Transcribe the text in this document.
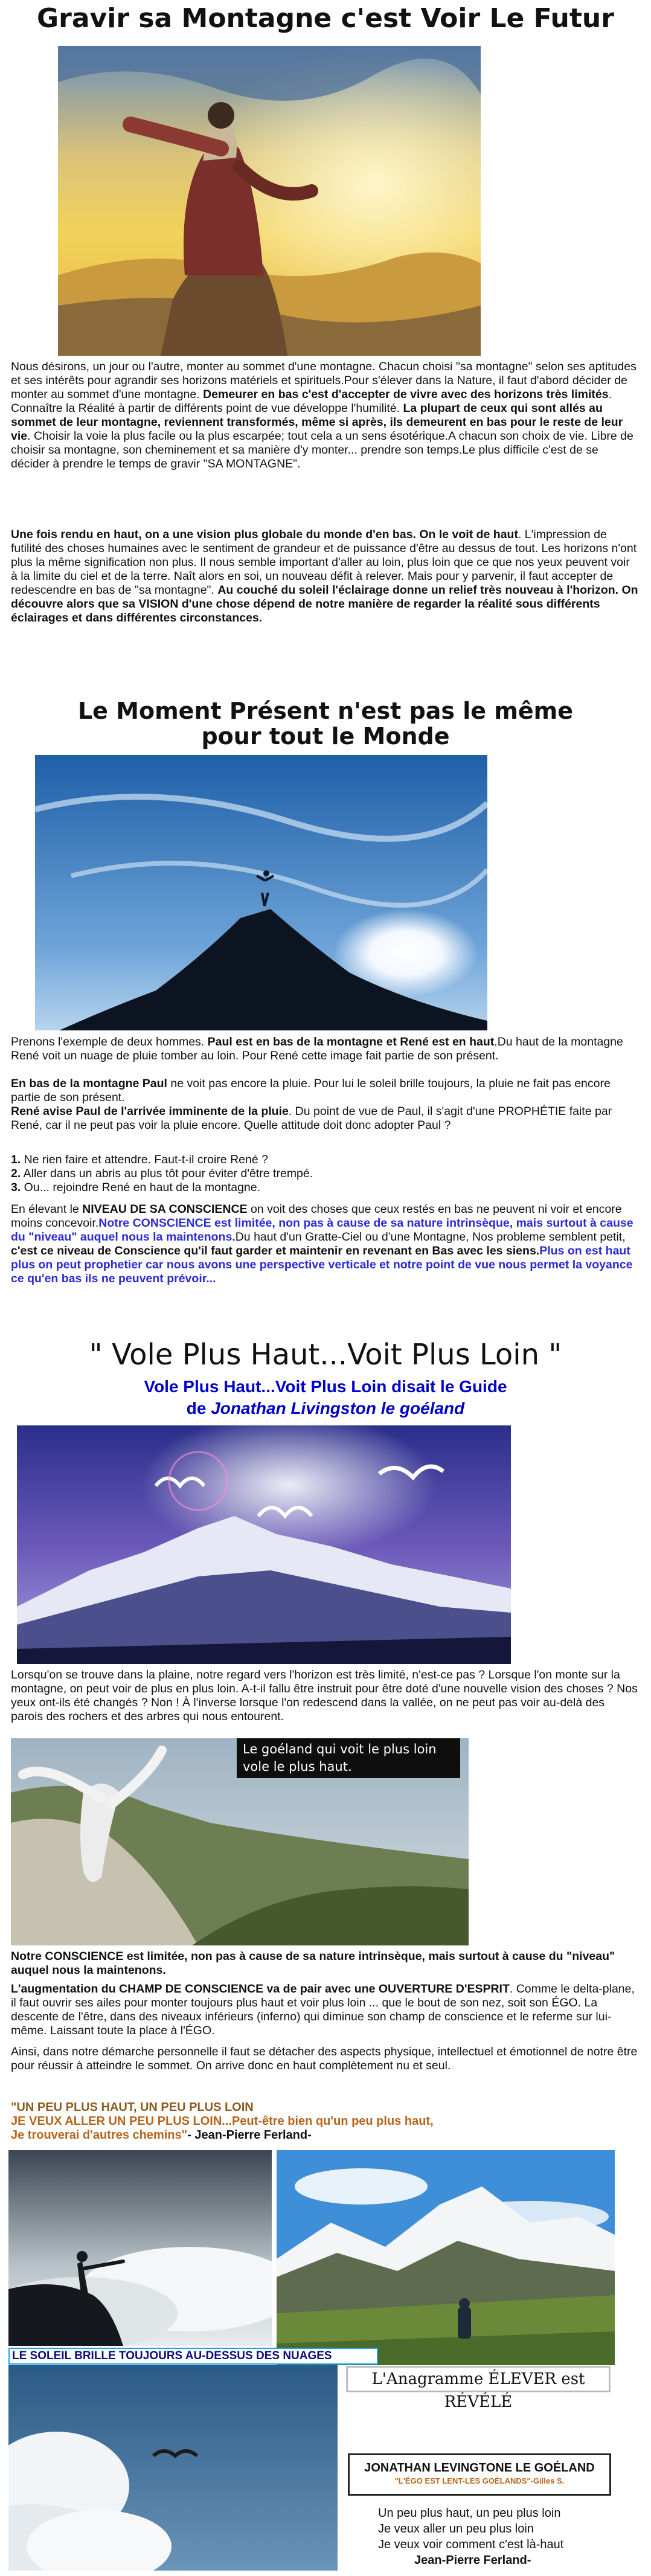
Gravir sa Montagne c'est Voir Le Futur

Nous désirons, un jour ou l'autre, monter au sommet d'une montagne. Chacun choisi "sa montagne" selon ses aptitudes et ses intérêts pour agrandir ses horizons matériels et spirituels.Pour s'élever dans la Nature, il faut d'abord décider de monter au sommet d'une montagne. Demeurer en bas c'est d'accepter de vivre avec des horizons très limités. Connaître la Réalité à partir de différents point de vue développe l'humilité. La plupart de ceux qui sont allés au sommet de leur montagne, reviennent transformés, même si après, ils demeurent en bas pour le reste de leur vie. Choisir la voie la plus facile ou la plus escarpée; tout cela a un sens ésotérique.A chacun son choix de vie. Libre de choisir sa montagne, son cheminement et sa manière d'y monter... prendre son temps.Le plus difficile c'est de se décider à prendre le temps de gravir "SA MONTAGNE".

Une fois rendu en haut, on a une vision plus globale du monde d'en bas. On le voit de haut. L'impression de futilité des choses humaines avec le sentiment de grandeur et de puissance d'être au dessus de tout. Les horizons n'ont plus la même signification non plus. Il nous semble important d'aller au loin, plus loin que ce que nos yeux peuvent voir à la limite du ciel et de la terre. Naît alors en soi, un nouveau défit à relever. Mais pour y parvenir, il faut accepter de redescendre en bas de "sa montagne". Au couché du soleil l'éclairage donne un relief très nouveau à l'horizon. On découvre alors que sa VISION d'une chose dépend de notre manière de regarder la réalité sous différents éclairages et dans différentes circonstances.

Le Moment Présent n'est pas le même
pour tout le Monde

Prenons l'exemple de deux hommes. Paul est en bas de la montagne et René est en haut.Du haut de la montagne René voit un nuage de pluie tomber au loin. Pour René cette image fait partie de son présent.

En bas de la montagne Paul ne voit pas encore la pluie. Pour lui le soleil brille toujours, la pluie ne fait pas encore partie de son présent.

René avise Paul de l'arrivée imminente de la pluie. Du point de vue de Paul, il s'agit d'une PROPHÉTIE faite par René, car il ne peut pas voir la pluie encore. Quelle attitude doit donc adopter Paul ?

1. Ne rien faire et attendre. Faut-t-il croire René ?
2. Aller dans un abris au plus tôt pour éviter d'être trempé.
3. Ou... rejoindre René en haut de la montagne.

En élevant le NIVEAU DE SA CONSCIENCE on voit des choses que ceux restés en bas ne peuvent ni voir et encore moins concevoir.Notre CONSCIENCE est limitée, non pas à cause de sa nature intrinsèque, mais surtout à cause du "niveau" auquel nous la maintenons.Du haut d'un Gratte-Ciel ou d'une Montagne, Nos probleme semblent petit, c'est ce niveau de Conscience qu'il faut garder et maintenir en revenant en Bas avec les siens.Plus on est haut plus on peut prophetier car nous avons une perspective verticale et notre point de vue nous permet la voyance ce qu'en bas ils ne peuvent prévoir...

" Vole Plus Haut...Voit Plus Loin "
Vole Plus Haut...Voit Plus Loin disait le Guide
de Jonathan Livingston le goéland

Lorsqu'on se trouve dans la plaine, notre regard vers l'horizon est très limité, n'est-ce pas ? Lorsque l'on monte sur la montagne, on peut voir de plus en plus loin. A-t-il fallu être instruit pour être doté d'une nouvelle vision des choses ? Nos yeux ont-ils été changés ? Non ! À l'inverse lorsque l'on redescend dans la vallée, on ne peut pas voir au-delà des parois des rochers et des arbres qui nous entourent.

Le goéland qui voit le plus loin vole le plus haut.

Notre CONSCIENCE est limitée, non pas à cause de sa nature intrinsèque, mais surtout à cause du "niveau" auquel nous la maintenons.

L'augmentation du CHAMP DE CONSCIENCE va de pair avec une OUVERTURE D'ESPRIT. Comme le delta-plane, il faut ouvrir ses ailes pour monter toujours plus haut et voir plus loin ... que le bout de son nez, soit son ÉGO. La descente de l'être, dans des niveaux inférieurs (inferno) qui diminue son champ de conscience et le referme sur lui-même. Laissant toute la place à l'ÉGO.

Ainsi, dans notre démarche personnelle il faut se détacher des aspects physique, intellectuel et émotionnel de notre être pour réussir à atteindre le sommet. On arrive donc en haut complètement nu et seul.

"UN PEU PLUS HAUT, UN PEU PLUS LOIN
JE VEUX ALLER UN PEU PLUS LOIN...Peut-être bien qu'un peu plus haut,
Je trouverai d'autres chemins"- Jean-Pierre Ferland-
LE SOLEIL BRILLE TOUJOURS AU-DESSUS DES NUAGES
L'Anagramme ÉLEVER est RÉVÉLÉ
JONATHAN LEVINGTONE LE GOÉLAND
"L'ÉGO EST LENT-LES GOÉLANDS"-Gilles S.
Un peu plus haut, un peu plus loin
Je veux aller un peu plus loin
Je veux voir comment c'est là-haut
Jean-Pierre Ferland-
